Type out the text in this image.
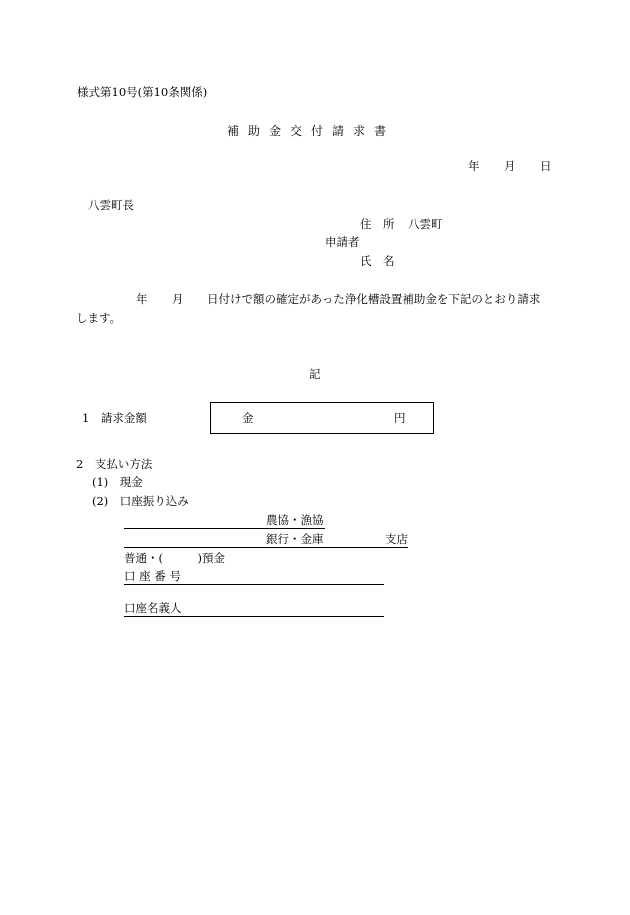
様式第10号(第10条関係)
補助金交付請求書
年 月 日
八雲町長
住　所 八雲町
申請者
氏　名
年 月 日付けで額の確定があった浄化槽設置補助金を下記のとおり請求
します。
記
1　請求金額	金	円
2　支払い方法
(1)　現金
(2)　口座振り込み
農協・漁協
銀行・金庫	支店
普通・(　　　)預金
口 座 番 号
口座名義人
